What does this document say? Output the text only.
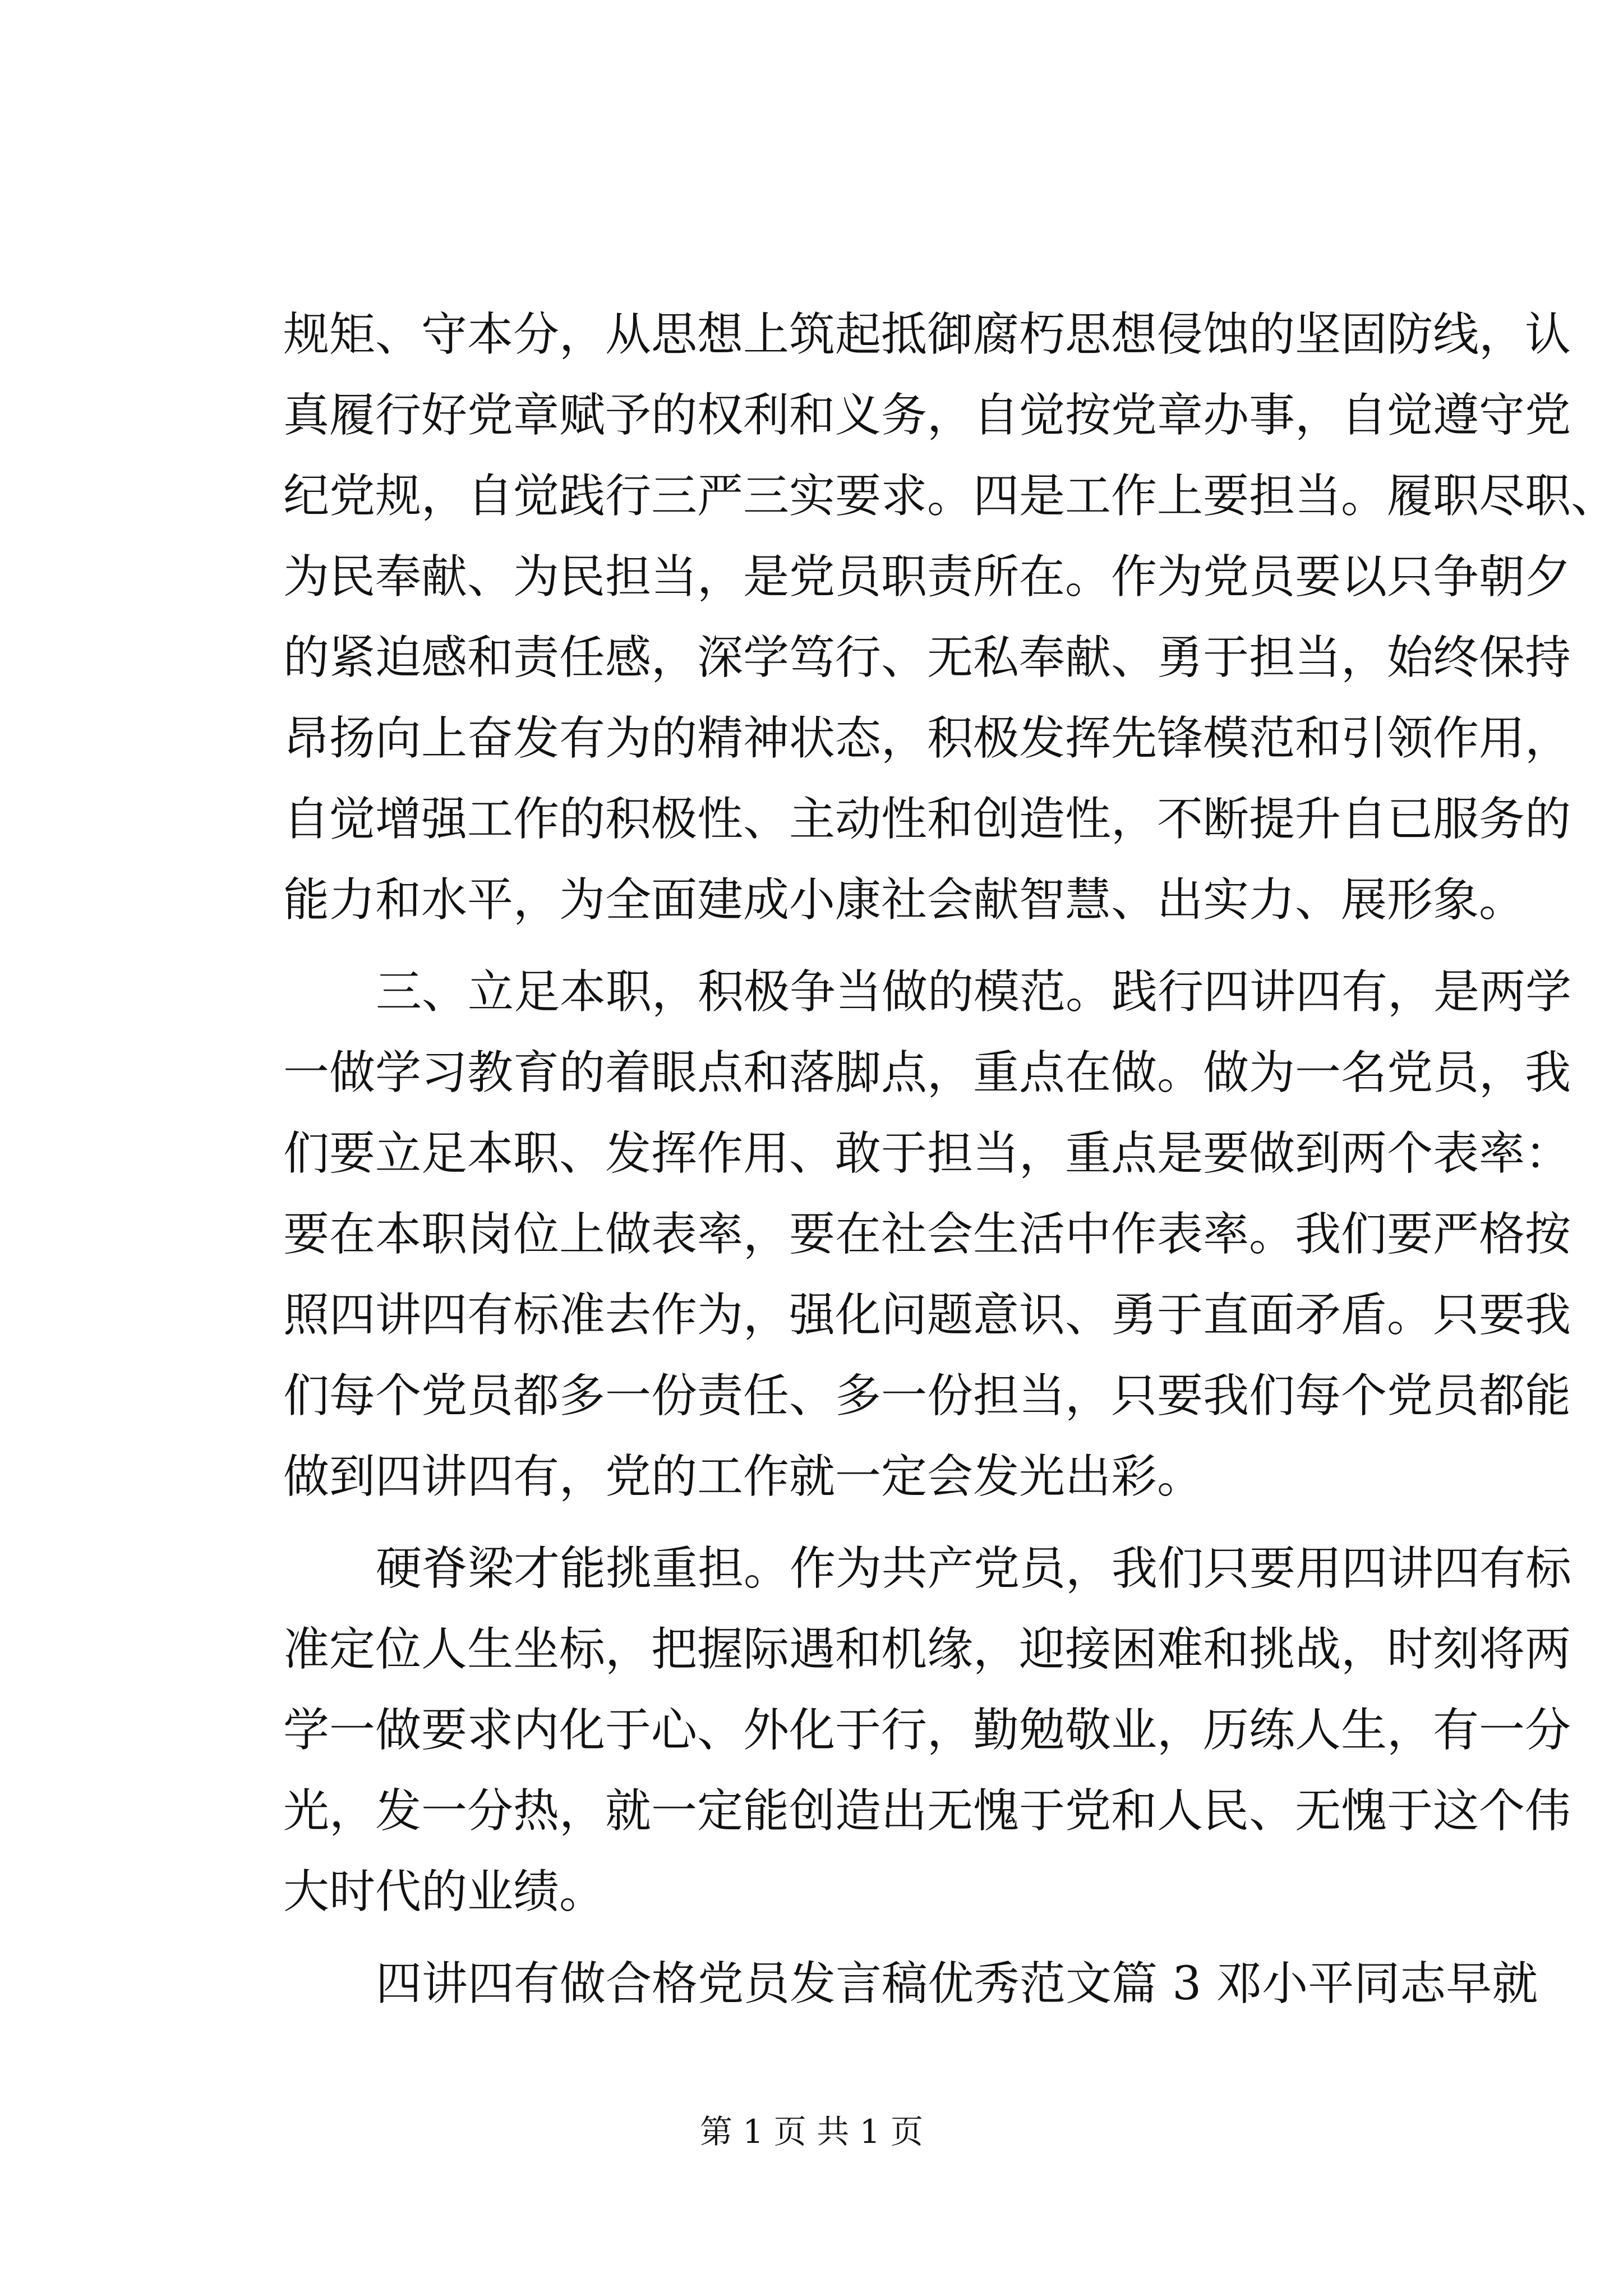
规矩、守本分，从思想上筑起抵御腐朽思想侵蚀的坚固防线，认
真履行好党章赋予的权利和义务，自觉按党章办事，自觉遵守党
纪党规，自觉践行三严三实要求。四是工作上要担当。履职尽职、
为民奉献、为民担当，是党员职责所在。作为党员要以只争朝夕
的紧迫感和责任感，深学笃行、无私奉献、勇于担当，始终保持
昂扬向上奋发有为的精神状态，积极发挥先锋模范和引领作用，
自觉增强工作的积极性、主动性和创造性，不断提升自已服务的
能力和水平，为全面建成小康社会献智慧、出实力、展形象。
三、立足本职，积极争当做的模范。践行四讲四有，是两学
一做学习教育的着眼点和落脚点，重点在做。做为一名党员，我
们要立足本职、发挥作用、敢于担当，重点是要做到两个表率：
要在本职岗位上做表率，要在社会生活中作表率。我们要严格按
照四讲四有标准去作为，强化问题意识、勇于直面矛盾。只要我
们每个党员都多一份责任、多一份担当，只要我们每个党员都能
做到四讲四有，党的工作就一定会发光出彩。
硬脊梁才能挑重担。作为共产党员，我们只要用四讲四有标
准定位人生坐标，把握际遇和机缘，迎接困难和挑战，时刻将两
学一做要求内化于心、外化于行，勤勉敬业，历练人生，有一分
光，发一分热，就一定能创造出无愧于党和人民、无愧于这个伟
大时代的业绩。
四讲四有做合格党员发言稿优秀范文篇 3 邓小平同志早就
第 1 页 共 1 页
